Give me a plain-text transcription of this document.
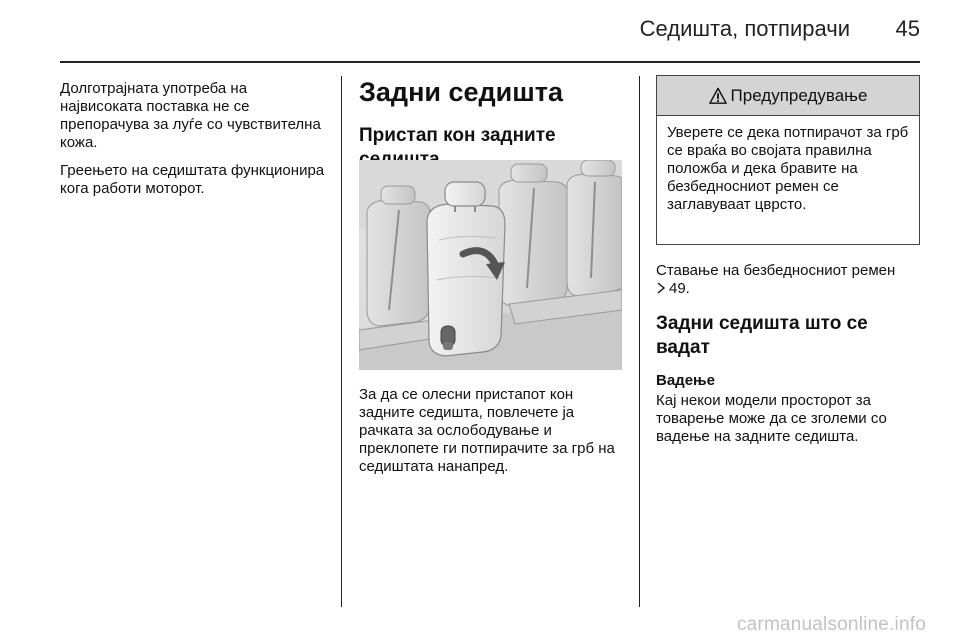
Седишта, потпирачи	45

Долготрајната употреба на највисоката поставка не се препорачува за луѓе со чувствителна кожа.

Греењето на седиштата функционира кога работи моторот.

Задни седишта
Пристап кон задните

За да се олесни пристапот кон задните седишта, повлечете ја рачката за ослободување и преклопете ги потпирачите за грб на седиштата нанапред.

Предупредување
Уверете се дека потпирачот за грб се враќа во својата правилна положба и дека бравите на безбедносниот ремен се заглавуваат цврсто.

Ставање на безбедносниот ремен
49.

Задни седишта што се вадат
Вадење

Кај некои модели просторот за товарење може да се зголеми со вадење на задните седишта.

carmanualsonline.info
